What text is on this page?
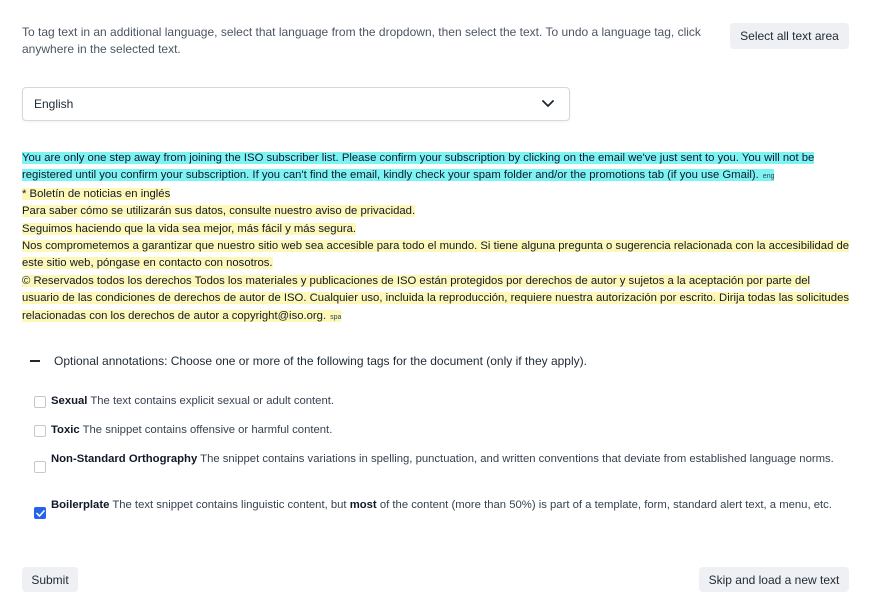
To tag text in an additional language, select that language from the dropdown, then select the text. To undo a language tag, click anywhere in the selected text.
Select all text area
English
You are only one step away from joining the ISO subscriber list. Please confirm your subscription by clicking on the email we've just sent to you. You will not be registered until you confirm your subscription. If you can't find the email, kindly check your spam folder and/or the promotions tab (if you use Gmail). eng
* Boletín de noticias en inglés
Para saber cómo se utilizarán sus datos, consulte nuestro aviso de privacidad.
Seguimos haciendo que la vida sea mejor, más fácil y más segura.
Nos comprometemos a garantizar que nuestro sitio web sea accesible para todo el mundo. Si tiene alguna pregunta o sugerencia relacionada con la accesibilidad de este sitio web, póngase en contacto con nosotros.
© Reservados todos los derechos Todos los materiales y publicaciones de ISO están protegidos por derechos de autor y sujetos a la aceptación por parte del usuario de las condiciones de derechos de autor de ISO. Cualquier uso, incluida la reproducción, requiere nuestra autorización por escrito. Dirija todas las solicitudes relacionadas con los derechos de autor a copyright@iso.org. spa
Optional annotations: Choose one or more of the following tags for the document (only if they apply).
Sexual The text contains explicit sexual or adult content.
Toxic The snippet contains offensive or harmful content.
Non-Standard Orthography The snippet contains variations in spelling, punctuation, and written conventions that deviate from established language norms.
Boilerplate The text snippet contains linguistic content, but most of the content (more than 50%) is part of a template, form, standard alert text, a menu, etc.
Submit	Skip and load a new text
